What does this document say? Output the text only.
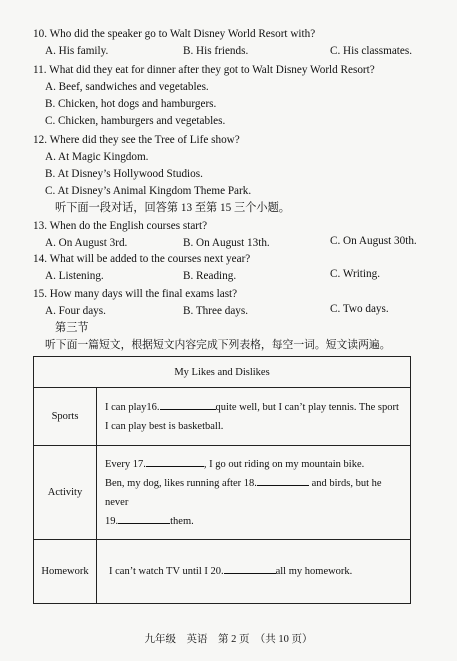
10. Who did the speaker go to Walt Disney World Resort with?
A. His family.	B. His friends.	C. His classmates.
11. What did they eat for dinner after they got to Walt Disney World Resort?
A. Beef, sandwiches and vegetables.
B. Chicken, hot dogs and hamburgers.
C. Chicken, hamburgers and vegetables.
12. Where did they see the Tree of Life show?
A. At Magic Kingdom.
B. At Disney’s Hollywood Studios.
C. At Disney’s Animal Kingdom Theme Park.
听下面一段对话，回答第 13 至第 15 三个小题。
13. When do the English courses start?
A. On August 3rd.	B. On August 13th.	C. On August 30th.
14. What will be added to the courses next year?
A. Listening.	B. Reading.	C. Writing.
15. How many days will the final exams last?
A. Four days.	B. Three days.	C. Two days.
第三节
听下面一篇短文，根据短文内容完成下列表格，每空一词。短文读两遍。
My Likes and Dislikes	
Sports	I can play16. quite well, but I can’t play tennis. The sport
I can play best is basketball.

Activity	Every 17. , I go out riding on my mountain bike.
Ben, my dog, likes running after 18. and birds, but he never
19. them.

Homework	I can’t watch TV until I 20. all my homework.
九年级　英语　第 2 页　（共 10 页）
